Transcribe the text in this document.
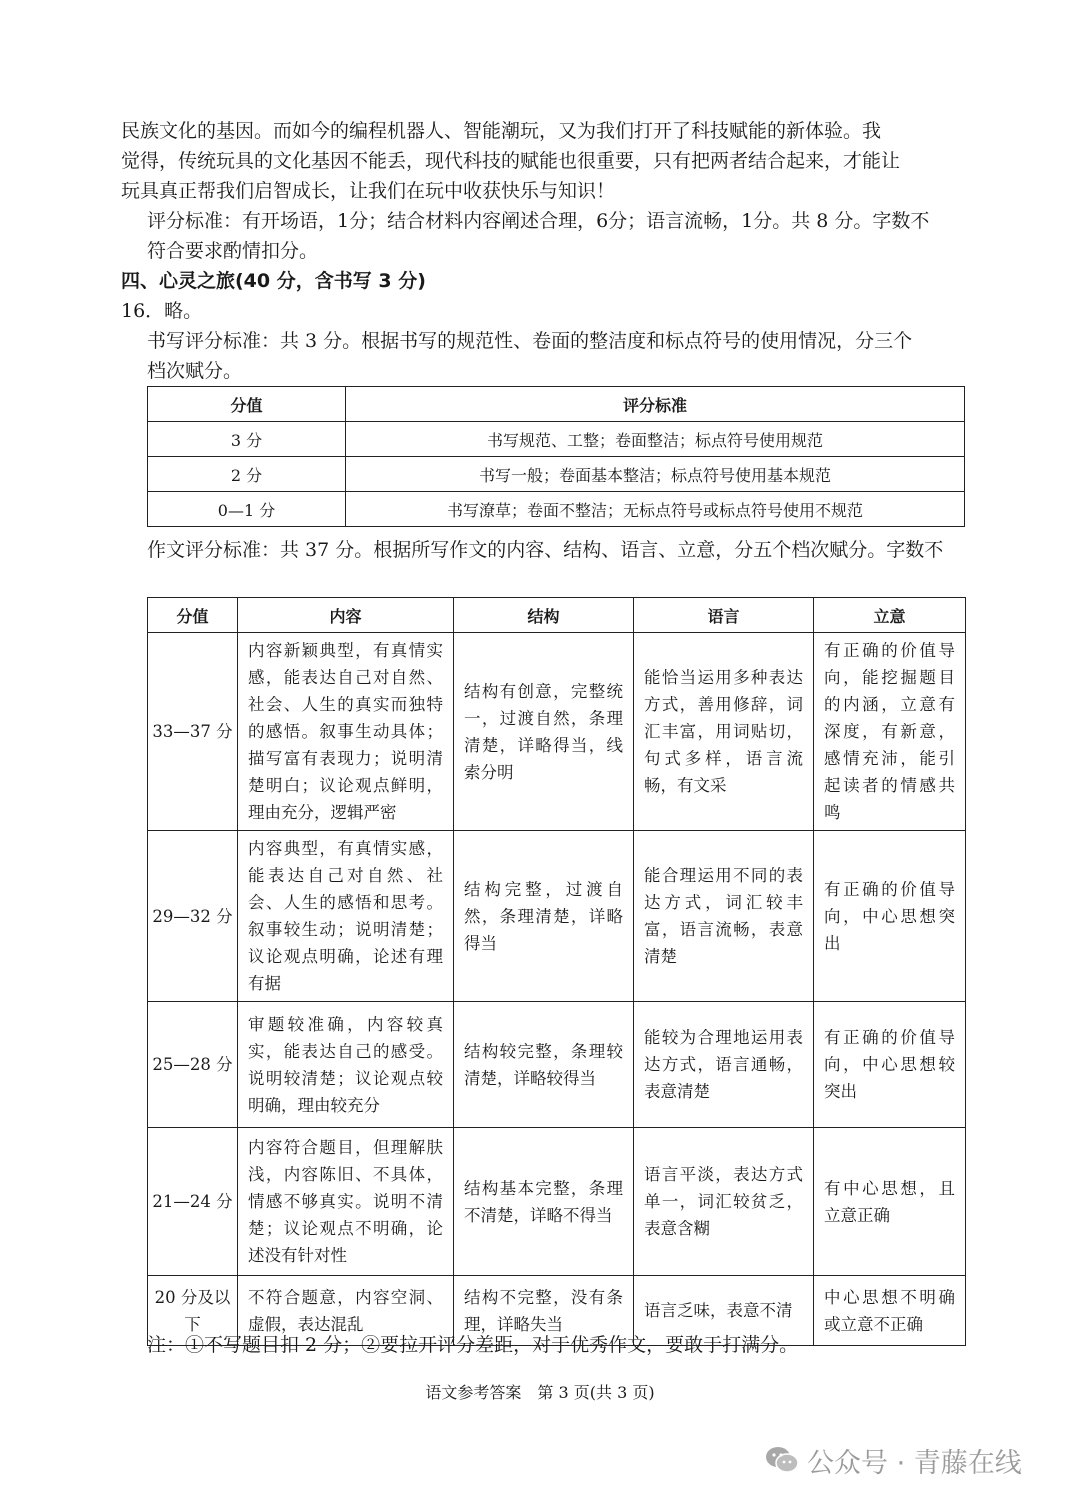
民族文化的基因。而如今的编程机器人、智能潮玩，又为我们打开了科技赋能的新体验。我

觉得，传统玩具的文化基因不能丢，现代科技的赋能也很重要，只有把两者结合起来，才能让

玩具真正帮我们启智成长，让我们在玩中收获快乐与知识！

评分标准：有开场语，1分；结合材料内容阐述合理，6分；语言流畅，1分。共 8 分。字数不

符合要求酌情扣分。

四、心灵之旅(40 分，含书写 3 分)

16．略。

书写评分标准：共 3 分。根据书写的规范性、卷面的整洁度和标点符号的使用情况，分三个

档次赋分。

分值	评分标准
3 分	书写规范、工整；卷面整洁；标点符号使用规范
2 分	书写一般；卷面基本整洁；标点符号使用基本规范
0—1 分	书写潦草；卷面不整洁；无标点符号或标点符号使用不规范

作文评分标准：共 37 分。根据所写作文的内容、结构、语言、立意，分五个档次赋分。字数不

分值	内容	结构	语言	立意
33—37 分	内容新颖典型，有真情实感，能表达自己对自然、社会、人生的真实而独特的感悟。叙事生动具体；描写富有表现力；说明清楚明白；议论观点鲜明，理由充分，逻辑严密	结构有创意，完整统一，过渡自然，条理清楚，详略得当，线索分明	能恰当运用多种表达方式，善用修辞，词汇丰富，用词贴切，句式多样，语言流畅，有文采	有正确的价值导向，能挖掘题目的内涵，立意有深度，有新意，感情充沛，能引起读者的情感共鸣
29—32 分	内容典型，有真情实感，能表达自己对自然、社会、人生的感悟和思考。叙事较生动；说明清楚；议论观点明确，论述有理有据	结构完整，过渡自然，条理清楚，详略得当	能合理运用不同的表达方式，词汇较丰富，语言流畅，表意清楚	有正确的价值导向，中心思想突出
25—28 分	审题较准确，内容较真实，能表达自己的感受。说明较清楚；议论观点较明确，理由较充分	结构较完整，条理较清楚，详略较得当	能较为合理地运用表达方式，语言通畅，表意清楚	有正确的价值导向，中心思想较突出
21—24 分	内容符合题目，但理解肤浅，内容陈旧、不具体，情感不够真实。说明不清楚；议论观点不明确，论述没有针对性	结构基本完整，条理不清楚，详略不得当	语言平淡，表达方式单一，词汇较贫乏，表意含糊	有中心思想，且立意正确
20 分及以下	不符合题意，内容空洞、虚假，表达混乱	结构不完整，没有条理，详略失当	语言乏味，表意不清	中心思想不明确或立意不正确

注：①不写题目扣 2 分；②要拉开评分差距，对于优秀作文，要敢于打满分。

语文参考答案　第 3 页(共 3 页)

公众号 · 青藤在线
